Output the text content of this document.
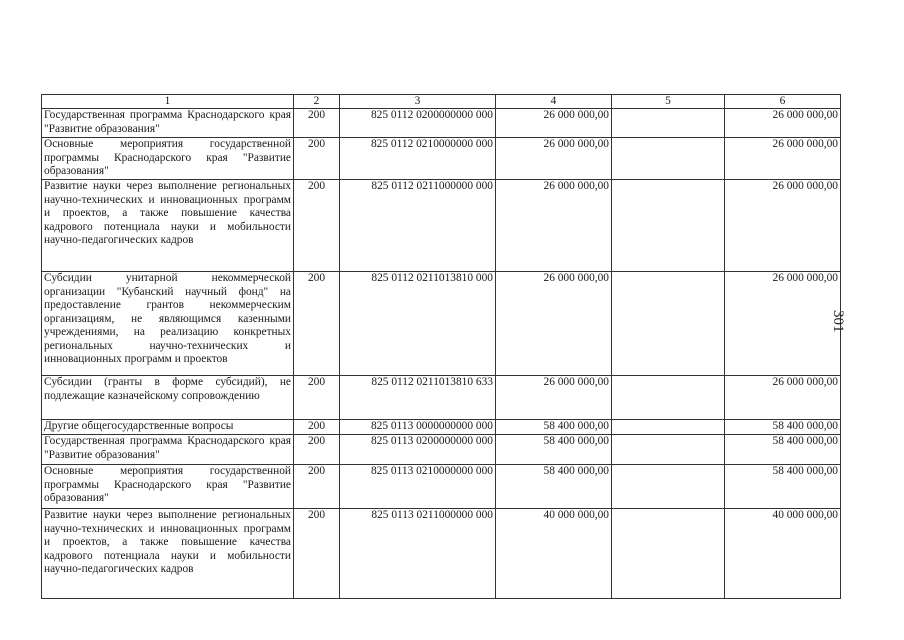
1	2	3	4	5	6
Государственная программа Краснодарского края "Развитие образования"	200	825 0112 0200000000 000	26 000 000,00		26 000 000,00
Основные мероприятия государственной программы Краснодарского края "Развитие образования"	200	825 0112 0210000000 000	26 000 000,00		26 000 000,00
Развитие науки через выполнение региональных научно-технических и инновационных программ и проектов, а также повышение качества кадрового потенциала науки и мобильности научно-педагогических кадров	200	825 0112 0211000000 000	26 000 000,00		26 000 000,00
Субсидии унитарной некоммерческой организации "Кубанский научный фонд" на предоставление грантов некоммерческим организациям, не являющимся казенными учреждениями, на реализацию конкретных региональных научно-технических и инновационных программ и проектов	200	825 0112 0211013810 000	26 000 000,00		26 000 000,00
Субсидии (гранты в форме субсидий), не подлежащие казначейскому сопровождению	200	825 0112 0211013810 633	26 000 000,00		26 000 000,00
Другие общегосударственные вопросы	200	825 0113 0000000000 000	58 400 000,00		58 400 000,00
Государственная программа Краснодарского края "Развитие образования"	200	825 0113 0200000000 000	58 400 000,00		58 400 000,00
Основные мероприятия государственной программы Краснодарского края "Развитие образования"	200	825 0113 0210000000 000	58 400 000,00		58 400 000,00
Развитие науки через выполнение региональных научно-технических и инновационных программ и проектов, а также повышение качества кадрового потенциала науки и мобильности научно-педагогических кадров	200	825 0113 0211000000 000	40 000 000,00		40 000 000,00
301
